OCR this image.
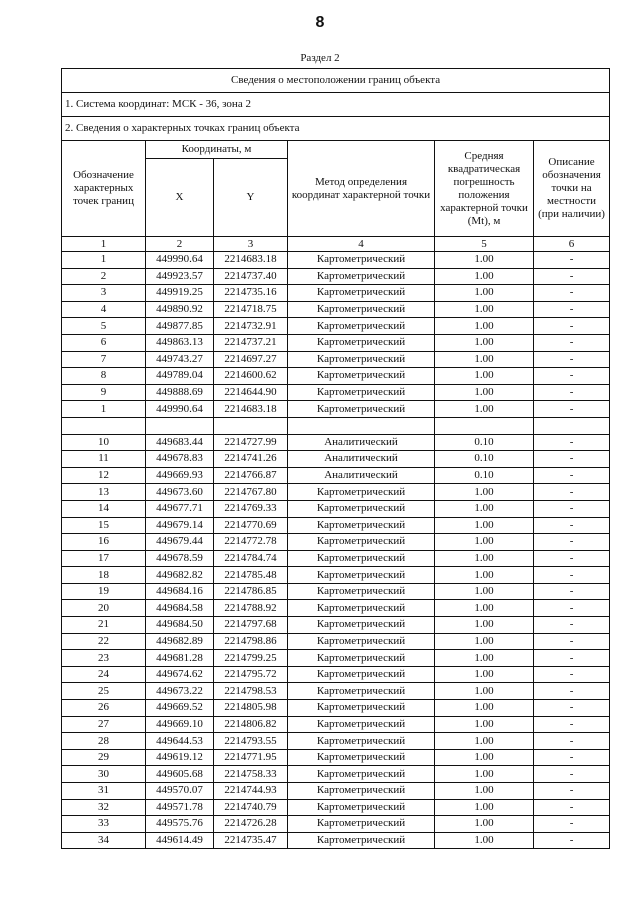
8
Раздел 2
Сведения о местоположении границ объекта					
1. Система координат: МСК - 36, зона 2					
2. Сведения о характерных точках границ объекта					
Обозначение характерных точек границ	Координаты, м		Метод определения координат характерной точки	Средняя квадратическая погрешность положения характерной точки (Mt), м	Описание обозначения точки на местности (при наличии)
	X	Y			
1	2	3	4	5	6
1	449990.64	2214683.18	Картометрический	1.00	-
2	449923.57	2214737.40	Картометрический	1.00	-
3	449919.25	2214735.16	Картометрический	1.00	-
4	449890.92	2214718.75	Картометрический	1.00	-
5	449877.85	2214732.91	Картометрический	1.00	-
6	449863.13	2214737.21	Картометрический	1.00	-
7	449743.27	2214697.27	Картометрический	1.00	-
8	449789.04	2214600.62	Картометрический	1.00	-
9	449888.69	2214644.90	Картометрический	1.00	-
1	449990.64	2214683.18	Картометрический	1.00	-

10	449683.44	2214727.99	Аналитический	0.10	-
11	449678.83	2214741.26	Аналитический	0.10	-
12	449669.93	2214766.87	Аналитический	0.10	-
13	449673.60	2214767.80	Картометрический	1.00	-
14	449677.71	2214769.33	Картометрический	1.00	-
15	449679.14	2214770.69	Картометрический	1.00	-
16	449679.44	2214772.78	Картометрический	1.00	-
17	449678.59	2214784.74	Картометрический	1.00	-
18	449682.82	2214785.48	Картометрический	1.00	-
19	449684.16	2214786.85	Картометрический	1.00	-
20	449684.58	2214788.92	Картометрический	1.00	-
21	449684.50	2214797.68	Картометрический	1.00	-
22	449682.89	2214798.86	Картометрический	1.00	-
23	449681.28	2214799.25	Картометрический	1.00	-
24	449674.62	2214795.72	Картометрический	1.00	-
25	449673.22	2214798.53	Картометрический	1.00	-
26	449669.52	2214805.98	Картометрический	1.00	-
27	449669.10	2214806.82	Картометрический	1.00	-
28	449644.53	2214793.55	Картометрический	1.00	-
29	449619.12	2214771.95	Картометрический	1.00	-
30	449605.68	2214758.33	Картометрический	1.00	-
31	449570.07	2214744.93	Картометрический	1.00	-
32	449571.78	2214740.79	Картометрический	1.00	-
33	449575.76	2214726.28	Картометрический	1.00	-
34	449614.49	2214735.47	Картометрический	1.00	-
